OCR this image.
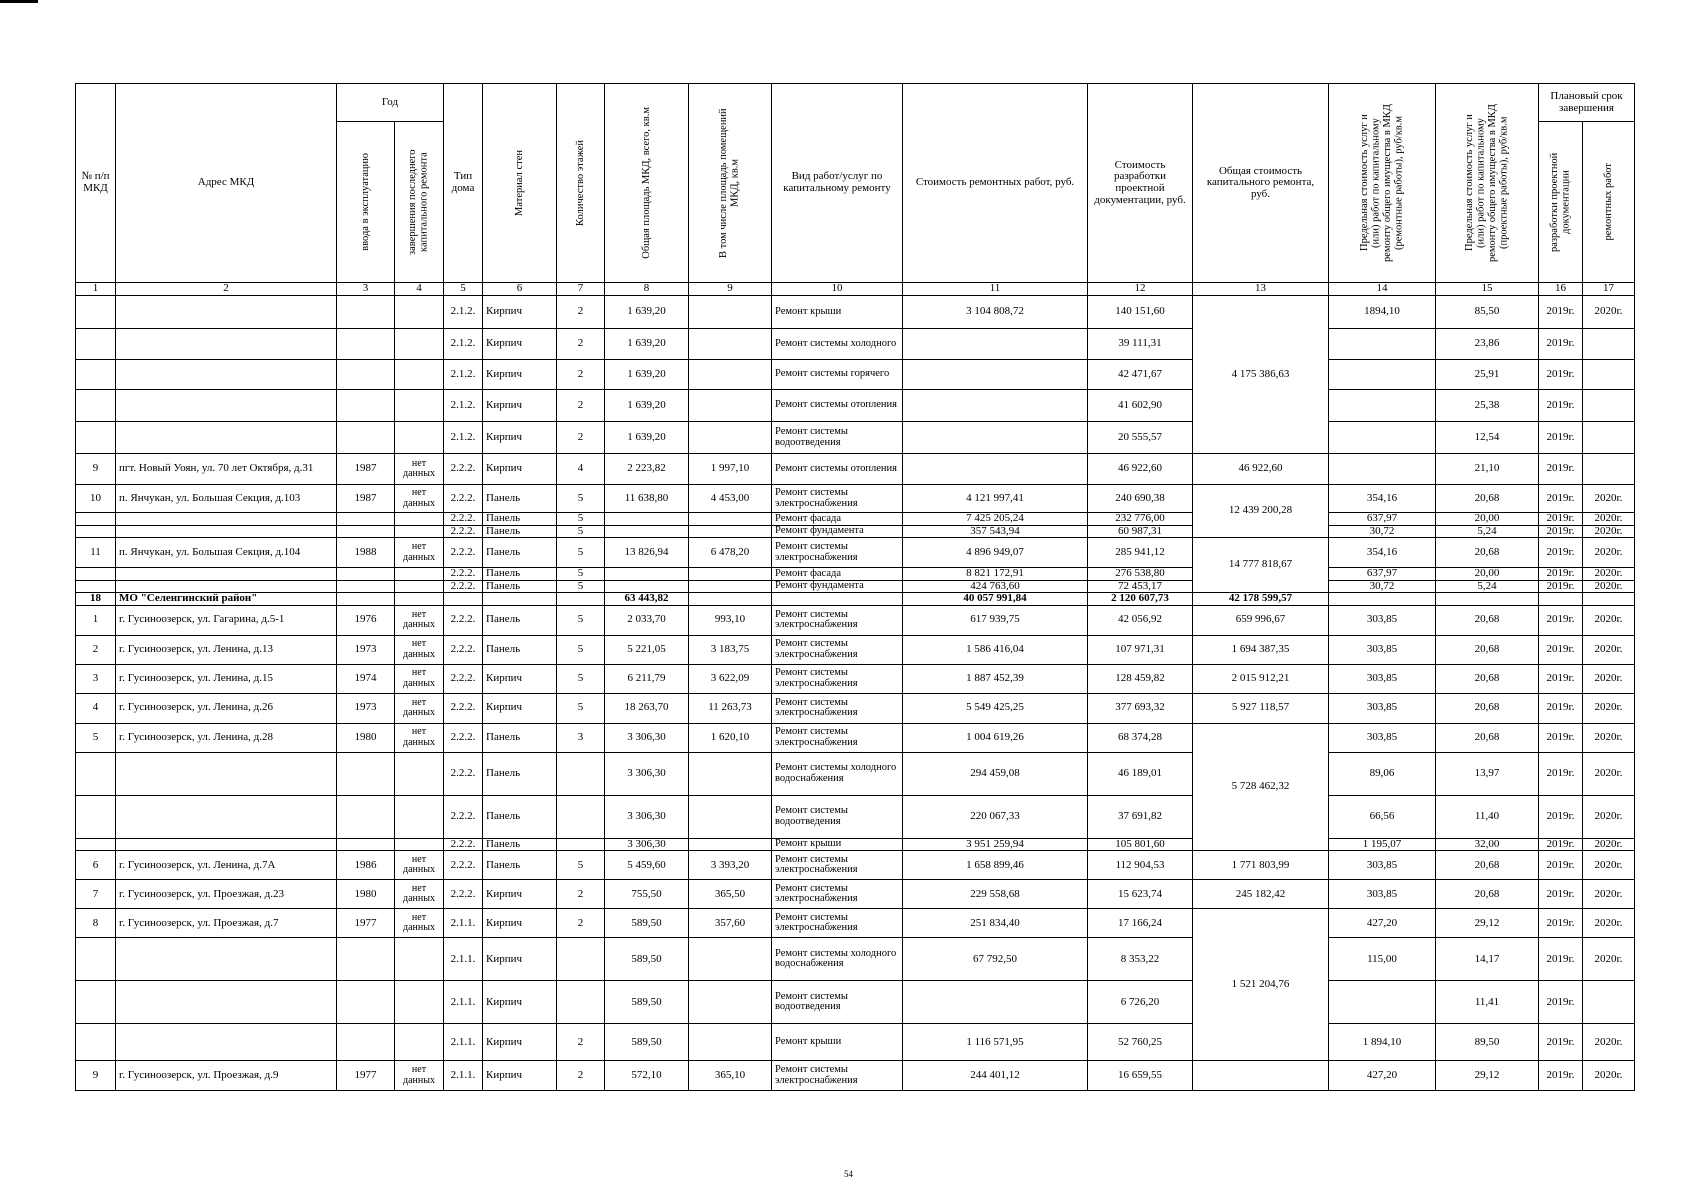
№ п/п МКД	Адрес МКД	Год		Тип дома	Материал стен	Количество этажей	Общая площадь МКД, всего, кв.м	В том числе площадь помещений МКД, кв.м	Вид работ/услуг по капитальному ремонту	Стоимость ремонтных работ, руб.	Стоимость разработки проектной документации, руб.	Общая стоимость капитального ремонта, руб.	Предельная стоимость услуг и (или) работ по капитальному ремонту общего имущества в МКД (ремонтные работы), руб/кв.м	Предельная стоимость услуг и (или) работ по капитальному ремонту общего имущества в МКД (проектные работы), руб/кв.м	Плановый срок завершения	

		ввода в эксплуатацию	завершения последнего капитального ремонта												разработки проектной документации	ремонтных работ

1	2	3	4	5	6	7	8	9	10	11	12	13	14	15	16	17
				2.1.2.	Кирпич	2	1 639,20		Ремонт крыши	3 104 808,72	140 151,60	4 175 386,63	1894,10	85,50	2019г.	2020г.
				2.1.2.	Кирпич	2	1 639,20		Ремонт системы холодного		39 111,31			23,86	2019г.	
				2.1.2.	Кирпич	2	1 639,20		Ремонт системы горячего		42 471,67			25,91	2019г.	
				2.1.2.	Кирпич	2	1 639,20		Ремонт системы отопления		41 602,90			25,38	2019г.	
				2.1.2.	Кирпич	2	1 639,20		Ремонт системы водоотведения		20 555,57			12,54	2019г.	
9	пгт. Новый Уоян, ул. 70 лет Октября, д.31	1987	нет данных	2.2.2.	Кирпич	4	2 223,82	1 997,10	Ремонт системы отопления		46 922,60	46 922,60		21,10	2019г.	
10	п. Янчукан, ул. Большая Секция, д.103	1987	нет данных	2.2.2.	Панель	5	11 638,80	4 453,00	Ремонт системы электроснабжения	4 121 997,41	240 690,38	12 439 200,28	354,16	20,68	2019г.	2020г.
				2.2.2.	Панель	5			Ремонт фасада	7 425 205,24	232 776,00		637,97	20,00	2019г.	2020г.
				2.2.2.	Панель	5			Ремонт фундамента	357 543,94	60 987,31		30,72	5,24	2019г.	2020г.
11	п. Янчукан, ул. Большая Секция, д.104	1988	нет данных	2.2.2.	Панель	5	13 826,94	6 478,20	Ремонт системы электроснабжения	4 896 949,07	285 941,12	14 777 818,67	354,16	20,68	2019г.	2020г.
				2.2.2.	Панель	5			Ремонт фасада	8 821 172,91	276 538,80		637,97	20,00	2019г.	2020г.
				2.2.2.	Панель	5			Ремонт фундамента	424 763,60	72 453,17		30,72	5,24	2019г.	2020г.
18	МО "Селенгинский район"						63 443,82			40 057 991,84	2 120 607,73	42 178 599,57				
1	г. Гусиноозерск, ул. Гагарина, д.5-1	1976	нет данных	2.2.2.	Панель	5	2 033,70	993,10	Ремонт системы электроснабжения	617 939,75	42 056,92	659 996,67	303,85	20,68	2019г.	2020г.
2	г. Гусиноозерск, ул. Ленина, д.13	1973	нет данных	2.2.2.	Панель	5	5 221,05	3 183,75	Ремонт системы электроснабжения	1 586 416,04	107 971,31	1 694 387,35	303,85	20,68	2019г.	2020г.
3	г. Гусиноозерск, ул. Ленина, д.15	1974	нет данных	2.2.2.	Кирпич	5	6 211,79	3 622,09	Ремонт системы электроснабжения	1 887 452,39	128 459,82	2 015 912,21	303,85	20,68	2019г.	2020г.
4	г. Гусиноозерск, ул. Ленина, д.26	1973	нет данных	2.2.2.	Кирпич	5	18 263,70	11 263,73	Ремонт системы электроснабжения	5 549 425,25	377 693,32	5 927 118,57	303,85	20,68	2019г.	2020г.
5	г. Гусиноозерск, ул. Ленина, д.28	1980	нет данных	2.2.2.	Панель	3	3 306,30	1 620,10	Ремонт системы электроснабжения	1 004 619,26	68 374,28	5 728 462,32	303,85	20,68	2019г.	2020г.
				2.2.2.	Панель		3 306,30		Ремонт системы холодного водоснабжения	294 459,08	46 189,01		89,06	13,97	2019г.	2020г.
				2.2.2.	Панель		3 306,30		Ремонт системы водоотведения	220 067,33	37 691,82		66,56	11,40	2019г.	2020г.
				2.2.2.	Панель		3 306,30		Ремонт крыши	3 951 259,94	105 801,60		1 195,07	32,00	2019г.	2020г.
6	г. Гусиноозерск, ул. Ленина, д.7А	1986	нет данных	2.2.2.	Панель	5	5 459,60	3 393,20	Ремонт системы электроснабжения	1 658 899,46	112 904,53	1 771 803,99	303,85	20,68	2019г.	2020г.
7	г. Гусиноозерск, ул. Проезжая, д.23	1980	нет данных	2.2.2.	Кирпич	2	755,50	365,50	Ремонт системы электроснабжения	229 558,68	15 623,74	245 182,42	303,85	20,68	2019г.	2020г.
8	г. Гусиноозерск, ул. Проезжая, д.7	1977	нет данных	2.1.1.	Кирпич	2	589,50	357,60	Ремонт системы электроснабжения	251 834,40	17 166,24	1 521 204,76	427,20	29,12	2019г.	2020г.
				2.1.1.	Кирпич		589,50		Ремонт системы холодного водоснабжения	67 792,50	8 353,22		115,00	14,17	2019г.	2020г.
				2.1.1.	Кирпич		589,50		Ремонт системы водоотведения		6 726,20			11,41	2019г.	
				2.1.1.	Кирпич	2	589,50		Ремонт крыши	1 116 571,95	52 760,25		1 894,10	89,50	2019г.	2020г.
9	г. Гусиноозерск, ул. Проезжая, д.9	1977	нет данных	2.1.1.	Кирпич	2	572,10	365,10	Ремонт системы электроснабжения	244 401,12	16 659,55		427,20	29,12	2019г.	2020г.
54
